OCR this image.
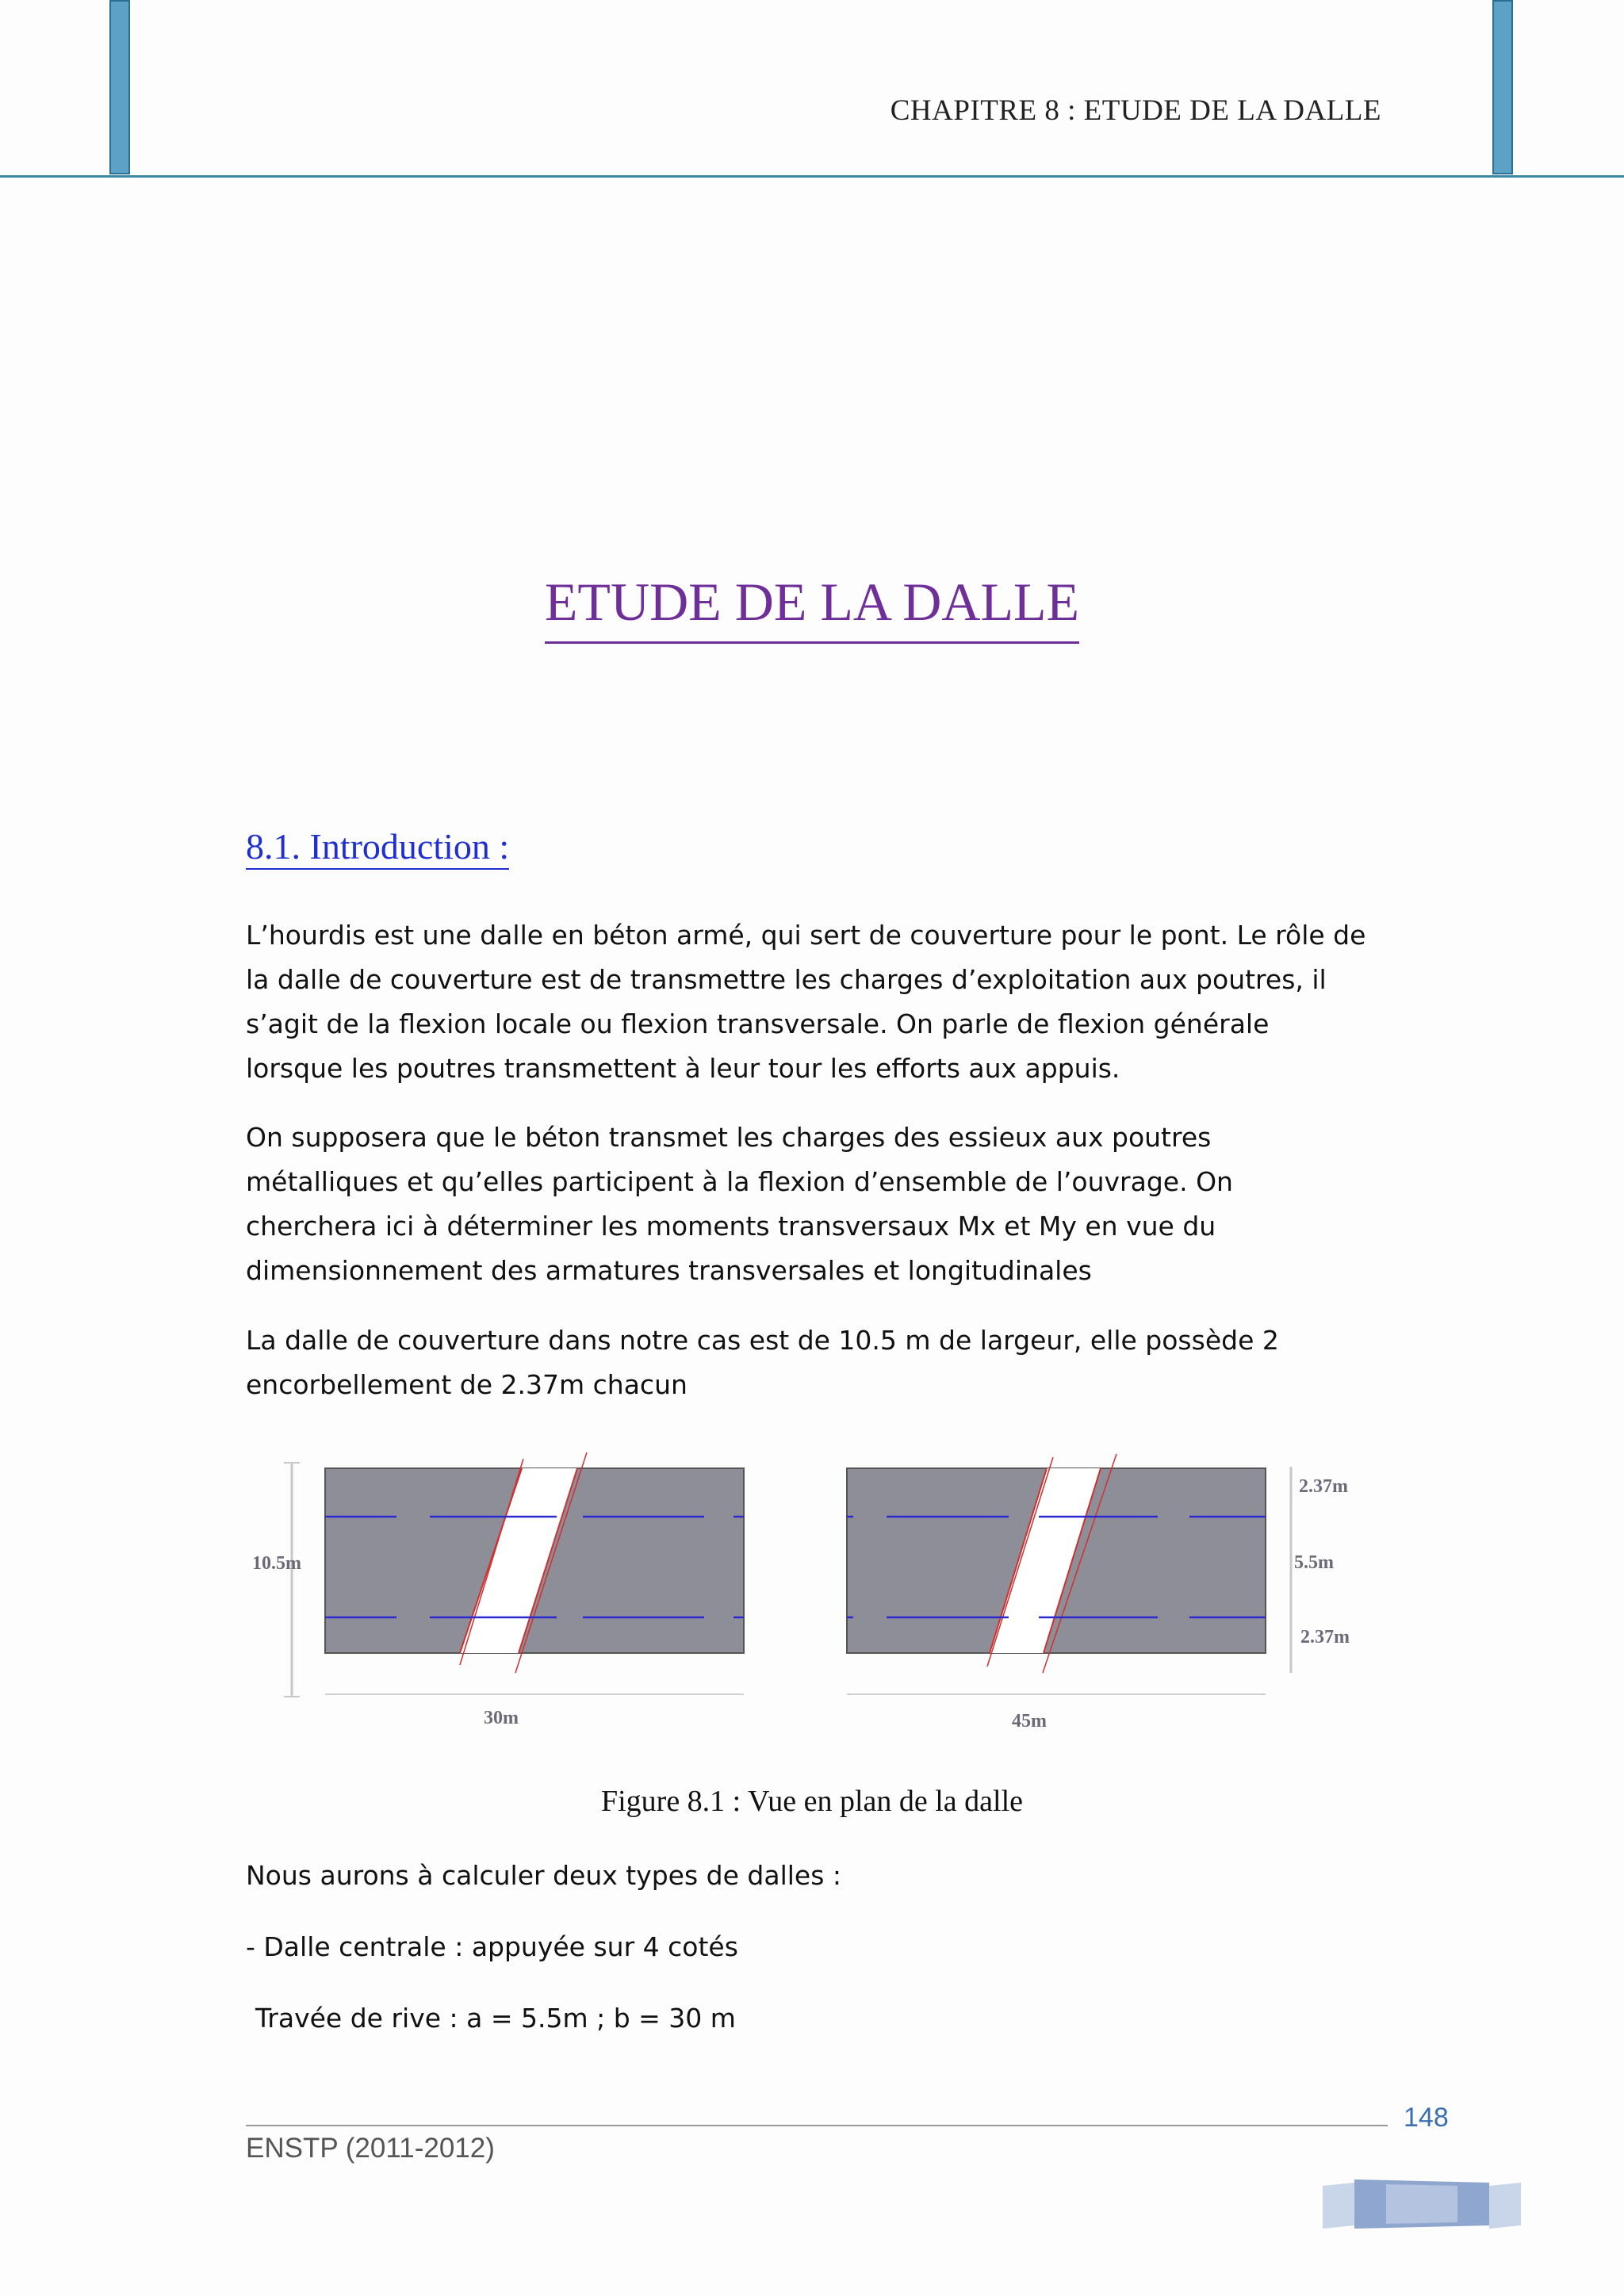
CHAPITRE 8 : ETUDE DE LA DALLE
ETUDE DE LA DALLE
8.1. Introduction :
L’hourdis est une dalle en béton armé, qui sert de couverture pour le pont. Le rôle de la dalle de couverture est de transmettre les charges d’exploitation aux poutres, il s’agit de la flexion locale ou flexion transversale. On parle de flexion générale lorsque les poutres transmettent à leur tour les efforts aux appuis.
On supposera que le béton transmet les charges des essieux aux poutres métalliques et qu’elles participent à la flexion d’ensemble de l’ouvrage. On cherchera ici à déterminer les moments transversaux Mx et My en vue du dimensionnement des armatures transversales et longitudinales
La dalle de couverture dans notre cas est de 10.5 m de largeur, elle possède 2 encorbellement de 2.37m chacun
10.5m
30m	45m
2.37m
5.5m
2.37m
Figure 8.1 : Vue en plan de la dalle
Nous aurons à calculer deux types de dalles :
- Dalle centrale : appuyée sur 4 cotés
Travée de rive : a = 5.5m ; b = 30 m
148
ENSTP (2011-2012)
